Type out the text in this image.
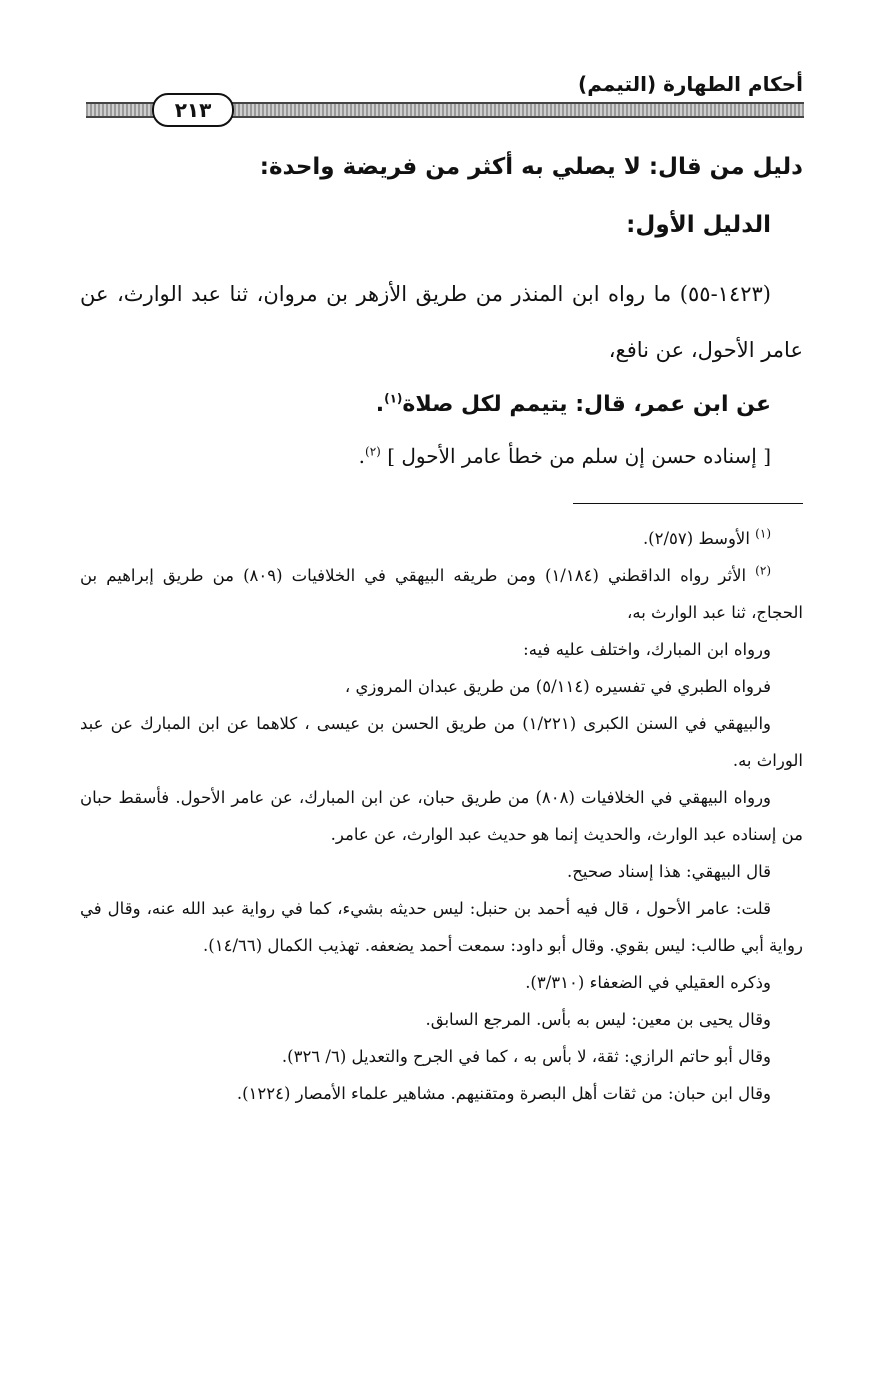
أحكام الطهارة (التيمم)
٢١٣
دليل من قال: لا يصلي به أكثر من فريضة واحدة:
الدليل الأول:

(١٤٢٣-٥٥) ما رواه ابن المنذر من طريق الأزهر بن مروان، ثنا عبد الوارث، عن عامر الأحول، عن نافع،

عن ابن عمر، قال: يتيمم لكل صلاة$^{(١)}$.

[ إسناده حسن إن سلم من خطأ عامر الأحول ] $^{(٢)}$.

$^{(١)}$ الأوسط (٢/٥٧).

$^{(٢)}$ الأثر رواه الداقطني (١/١٨٤) ومن طريقه البيهقي في الخلافيات (٨٠٩) من طريق إبراهيم بن الحجاج، ثنا عبد الوارث به،

ورواه ابن المبارك، واختلف عليه فيه:

فرواه الطبري في تفسيره (٥/١١٤) من طريق عبدان المروزي ،

والبيهقي في السنن الكبرى (١/٢٢١) من طريق الحسن بن عيسى ، كلاهما عن ابن المبارك عن عبد الوراث به.

ورواه البيهقي في الخلافيات (٨٠٨) من طريق حبان، عن ابن المبارك، عن عامر الأحول. فأسقط حبان من إسناده عبد الوارث، والحديث إنما هو حديث عبد الوارث، عن عامر.

قال البيهقي: هذا إسناد صحيح.

قلت: عامر الأحول ، قال فيه أحمد بن حنبل: ليس حديثه بشيء، كما في رواية عبد الله عنه، وقال في رواية أبي طالب: ليس بقوي. وقال أبو داود: سمعت أحمد يضعفه. تهذيب الكمال (١٤/٦٦).

وذكره العقيلي في الضعفاء (٣/٣١٠).

وقال يحيى بن معين: ليس به بأس. المرجع السابق.

وقال أبو حاتم الرازي: ثقة، لا بأس به ، كما في الجرح والتعديل (٦/ ٣٢٦).

وقال ابن حبان: من ثقات أهل البصرة ومتقنيهم. مشاهير علماء الأمصار (١٢٢٤).
